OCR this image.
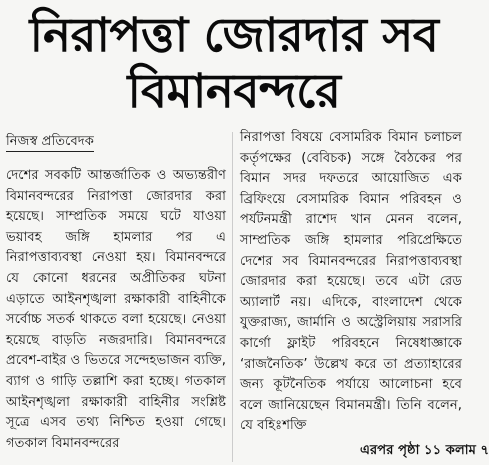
নিরাপত্তা জোরদার সব
বিমানবন্দরে
নিজস্ব প্রতিবেদক

দেশের সবকটি আন্তর্জাতিক ও অভ্যন্তরীণ বিমানবন্দরের নিরাপত্তা জোরদার করা হয়েছে। সাম্প্রতিক সময়ে ঘটে যাওয়া ভয়াবহ জঙ্গি হামলার পর এ নিরাপত্তাব্যবস্থা নেওয়া হয়। বিমানবন্দরে যে কোনো ধরনের অপ্রীতিকর ঘটনা এড়াতে আইনশৃঙ্খলা রক্ষাকারী বাহিনীকে সর্বোচ্চ সতর্ক থাকতে বলা হয়েছে। নেওয়া হয়েছে বাড়তি নজরদারি। বিমানবন্দরে প্রবেশ-বাইর ও ভিতরে সন্দেহভাজন ব্যক্তি, ব্যাগ ও গাড়ি তল্লাশি করা হচ্ছে। গতকাল আইনশৃঙ্খলা রক্ষাকারী বাহিনীর সংশ্লিষ্ট সূত্রে এসব তথ্য নিশ্চিত হওয়া গেছে। গতকাল বিমানবন্দরের

নিরাপত্তা বিষয়ে বেসামরিক বিমান চলাচল কর্তৃপক্ষের (বেবিচক) সঙ্গে বৈঠকের পর বিমান সদর দফতরে আয়োজিত এক ব্রিফিংয়ে বেসামরিক বিমান পরিবহন ও পর্যটনমন্ত্রী রাশেদ খান মেনন বলেন, সাম্প্রতিক জঙ্গি হামলার পরিপ্রেক্ষিতে দেশের সব বিমানবন্দরের নিরাপত্তাব্যবস্থা জোরদার করা হয়েছে। তবে এটা রেড অ্যালার্ট নয়। এদিকে, বাংলাদেশ থেকে যুক্তরাজ্য, জার্মানি ও অস্ট্রেলিয়ায় সরাসরি কার্গো ফ্লাইট পরিবহনে নিষেধাজ্ঞাকে ‘রাজনৈতিক’ উল্লেখ করে তা প্রত্যাহারের জন্য কূটনৈতিক পর্যায়ে আলোচনা হবে বলে জানিয়েছেন বিমানমন্ত্রী। তিনি বলেন, যে বহিঃশক্তি

এরপর পৃষ্ঠা ১১ কলাম ৭
